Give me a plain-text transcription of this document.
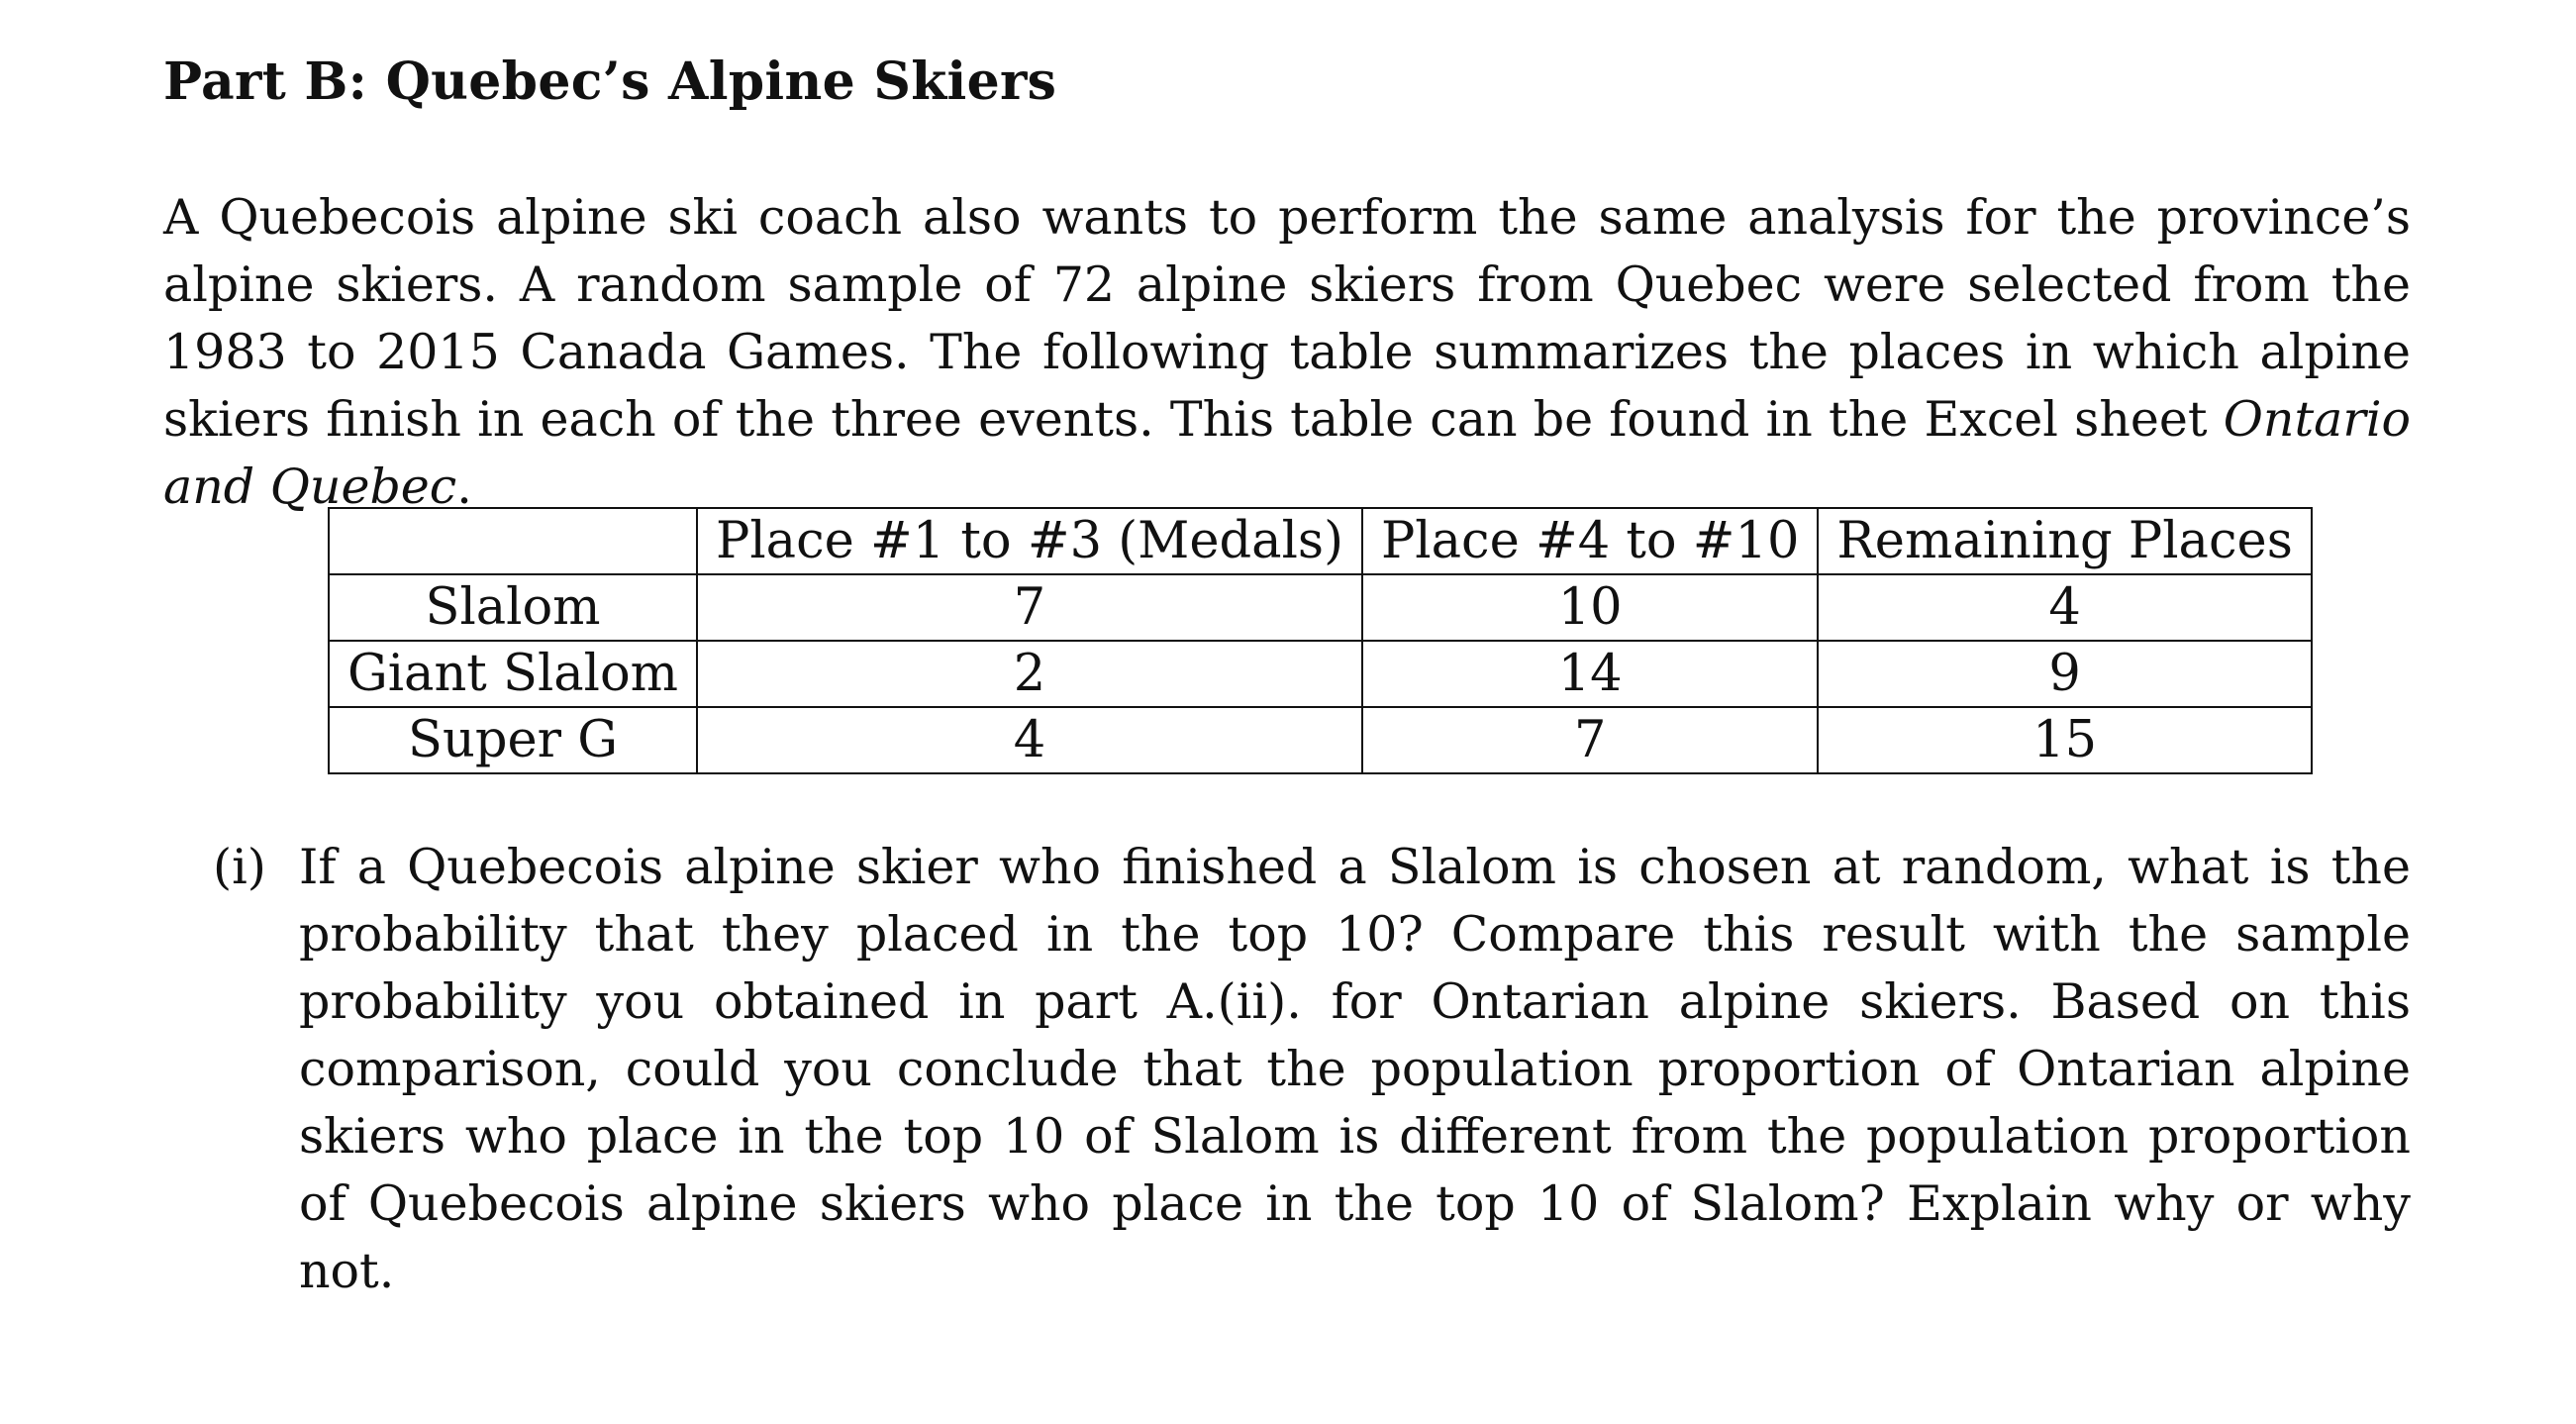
Part B: Quebec’s Alpine Skiers

A Quebecois alpine ski coach also wants to perform the same analysis for the province’s alpine skiers. A random sample of 72 alpine skiers from Quebec were selected from the 1983 to 2015 Canada Games. The following table summarizes the places in which alpine skiers finish in each of the three events. This table can be found in the Excel sheet Ontario and Quebec.

	Place #1 to #3 (Medals)	Place #4 to #10	Remaining Places
Slalom	7	10	4
Giant Slalom	2	14	9
Super G	4	7	15
(i) If a Quebecois alpine skier who finished a Slalom is chosen at random, what is the probability that they placed in the top 10? Compare this result with the sample probability you obtained in part A.(ii). for Ontarian alpine skiers. Based on this comparison, could you conclude that the population proportion of Ontarian alpine skiers who place in the top 10 of Slalom is different from the population proportion of Quebecois alpine skiers who place in the top 10 of Slalom? Explain why or why not.
